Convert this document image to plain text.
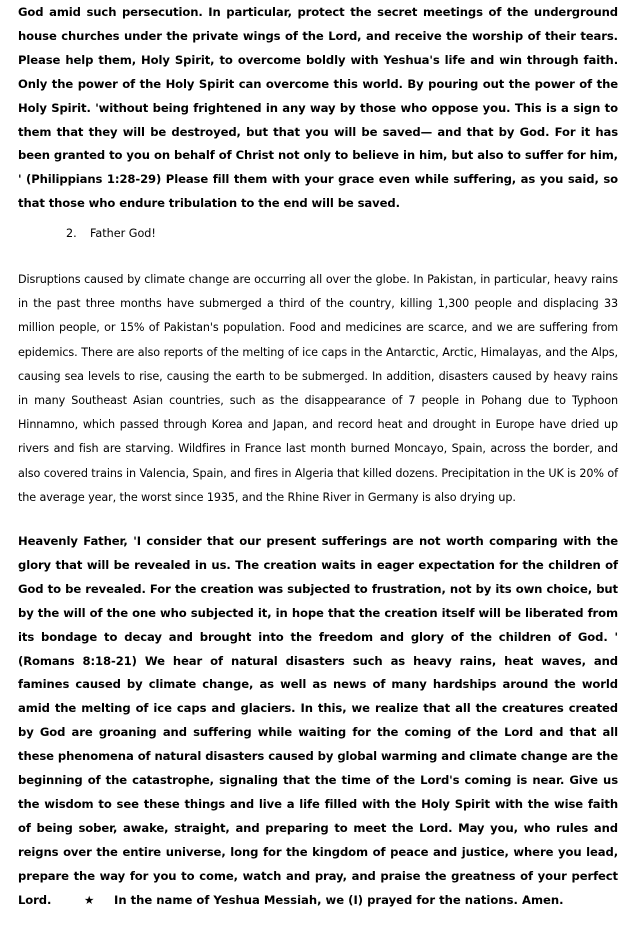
God amid such persecution. In particular, protect the secret meetings of the underground house churches under the private wings of the Lord, and receive the worship of their tears. Please help them, Holy Spirit, to overcome boldly with Yeshua's life and win through faith. Only the power of the Holy Spirit can overcome this world. By pouring out the power of the Holy Spirit. 'without being frightened in any way by those who oppose you. This is a sign to them that they will be destroyed, but that you will be saved— and that by God. For it has been granted to you on behalf of Christ not only to believe in him, but also to suffer for him, ' (Philippians 1:28-29) Please fill them with your grace even while suffering, as you said, so that those who endure tribulation to the end will be saved.

2.	Father God!

Disruptions caused by climate change are occurring all over the globe. In Pakistan, in particular, heavy rains in the past three months have submerged a third of the country, killing 1,300 people and displacing 33 million people, or 15% of Pakistan's population. Food and medicines are scarce, and we are suffering from epidemics. There are also reports of the melting of ice caps in the Antarctic, Arctic, Himalayas, and the Alps, causing sea levels to rise, causing the earth to be submerged. In addition, disasters caused by heavy rains in many Southeast Asian countries, such as the disappearance of 7 people in Pohang due to Typhoon Hinnamno, which passed through Korea and Japan, and record heat and drought in Europe have dried up rivers and fish are starving. Wildfires in France last month burned Moncayo, Spain, across the border, and also covered trains in Valencia, Spain, and fires in Algeria that killed dozens. Precipitation in the UK is 20% of the average year, the worst since 1935, and the Rhine River in Germany is also drying up.

Heavenly Father, 'I consider that our present sufferings are not worth comparing with the glory that will be revealed in us. The creation waits in eager expectation for the children of God to be revealed. For the creation was subjected to frustration, not by its own choice, but by the will of the one who subjected it, in hope that the creation itself will be liberated from its bondage to decay and brought into the freedom and glory of the children of God. ' (Romans 8:18-21) We hear of natural disasters such as heavy rains, heat waves, and famines caused by climate change, as well as news of many hardships around the world amid the melting of ice caps and glaciers. In this, we realize that all the creatures created by God are groaning and suffering while waiting for the coming of the Lord and that all these phenomena of natural disasters caused by global warming and climate change are the beginning of the catastrophe, signaling that the time of the Lord's coming is near. Give us the wisdom to see these things and live a life filled with the Holy Spirit with the wise faith of being sober, awake, straight, and preparing to meet the Lord. May you, who rules and reigns over the entire universe, long for the kingdom of peace and justice, where you lead, prepare the way for you to come, watch and pray, and praise the greatness of your perfect Lord.	★	In the name of Yeshua Messiah, we (I) prayed for the nations. Amen.
